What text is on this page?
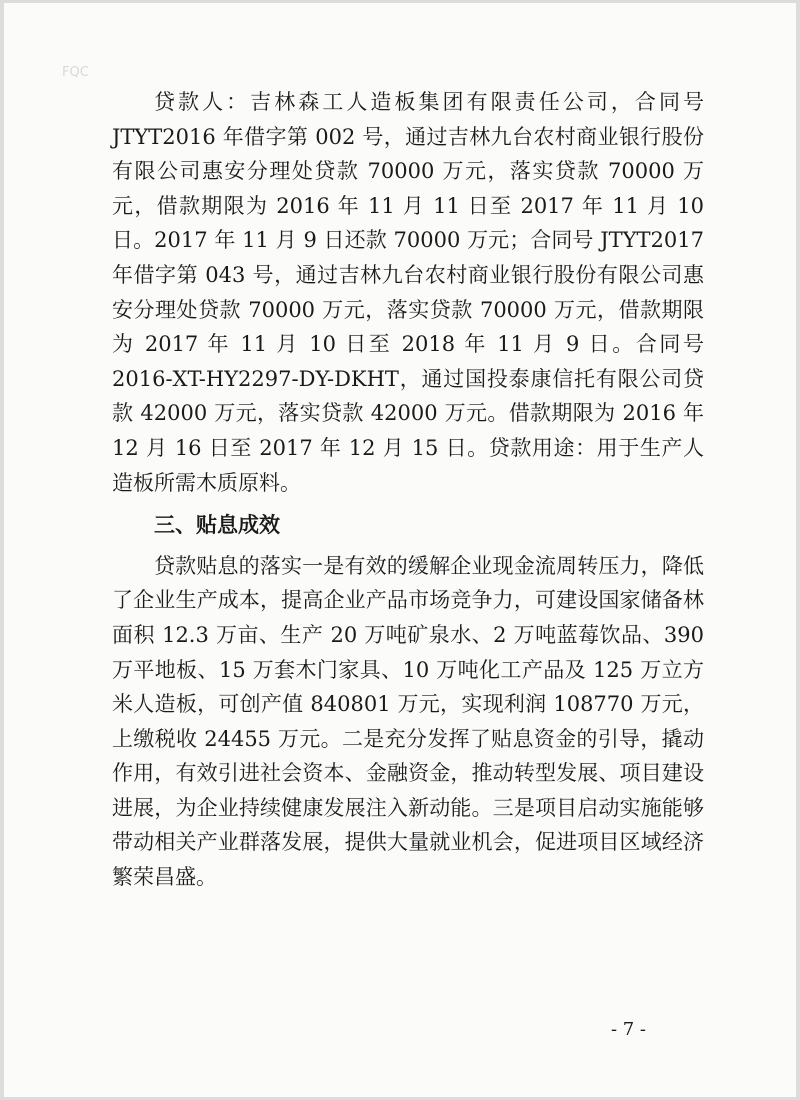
FQC

贷款人：吉林森工人造板集团有限责任公司，合同号 JTYT2016 年借字第 002 号，通过吉林九台农村商业银行股份有限公司惠安分理处贷款 70000 万元，落实贷款 70000 万元，借款期限为 2016 年 11 月 11 日至 2017 年 11 月 10 日。2017 年 11 月 9 日还款 70000 万元；合同号 JTYT2017 年借字第 043 号，通过吉林九台农村商业银行股份有限公司惠安分理处贷款 70000 万元，落实贷款 70000 万元，借款期限为 2017 年 11 月 10 日至 2018 年 11 月 9 日。合同号 2016-XT-HY2297-DY-DKHT，通过国投泰康信托有限公司贷款 42000 万元，落实贷款 42000 万元。借款期限为 2016 年 12 月 16 日至 2017 年 12 月 15 日。贷款用途：用于生产人造板所需木质原料。

三、贴息成效

贷款贴息的落实一是有效的缓解企业现金流周转压力，降低了企业生产成本，提高企业产品市场竞争力，可建设国家储备林面积 12.3 万亩、生产 20 万吨矿泉水、2 万吨蓝莓饮品、390 万平地板、15 万套木门家具、10 万吨化工产品及 125 万立方米人造板，可创产值 840801 万元，实现利润 108770 万元，上缴税收 24455 万元。二是充分发挥了贴息资金的引导，撬动作用，有效引进社会资本、金融资金，推动转型发展、项目建设进展，为企业持续健康发展注入新动能。三是项目启动实施能够带动相关产业群落发展，提供大量就业机会，促进项目区域经济繁荣昌盛。

- 7 -
